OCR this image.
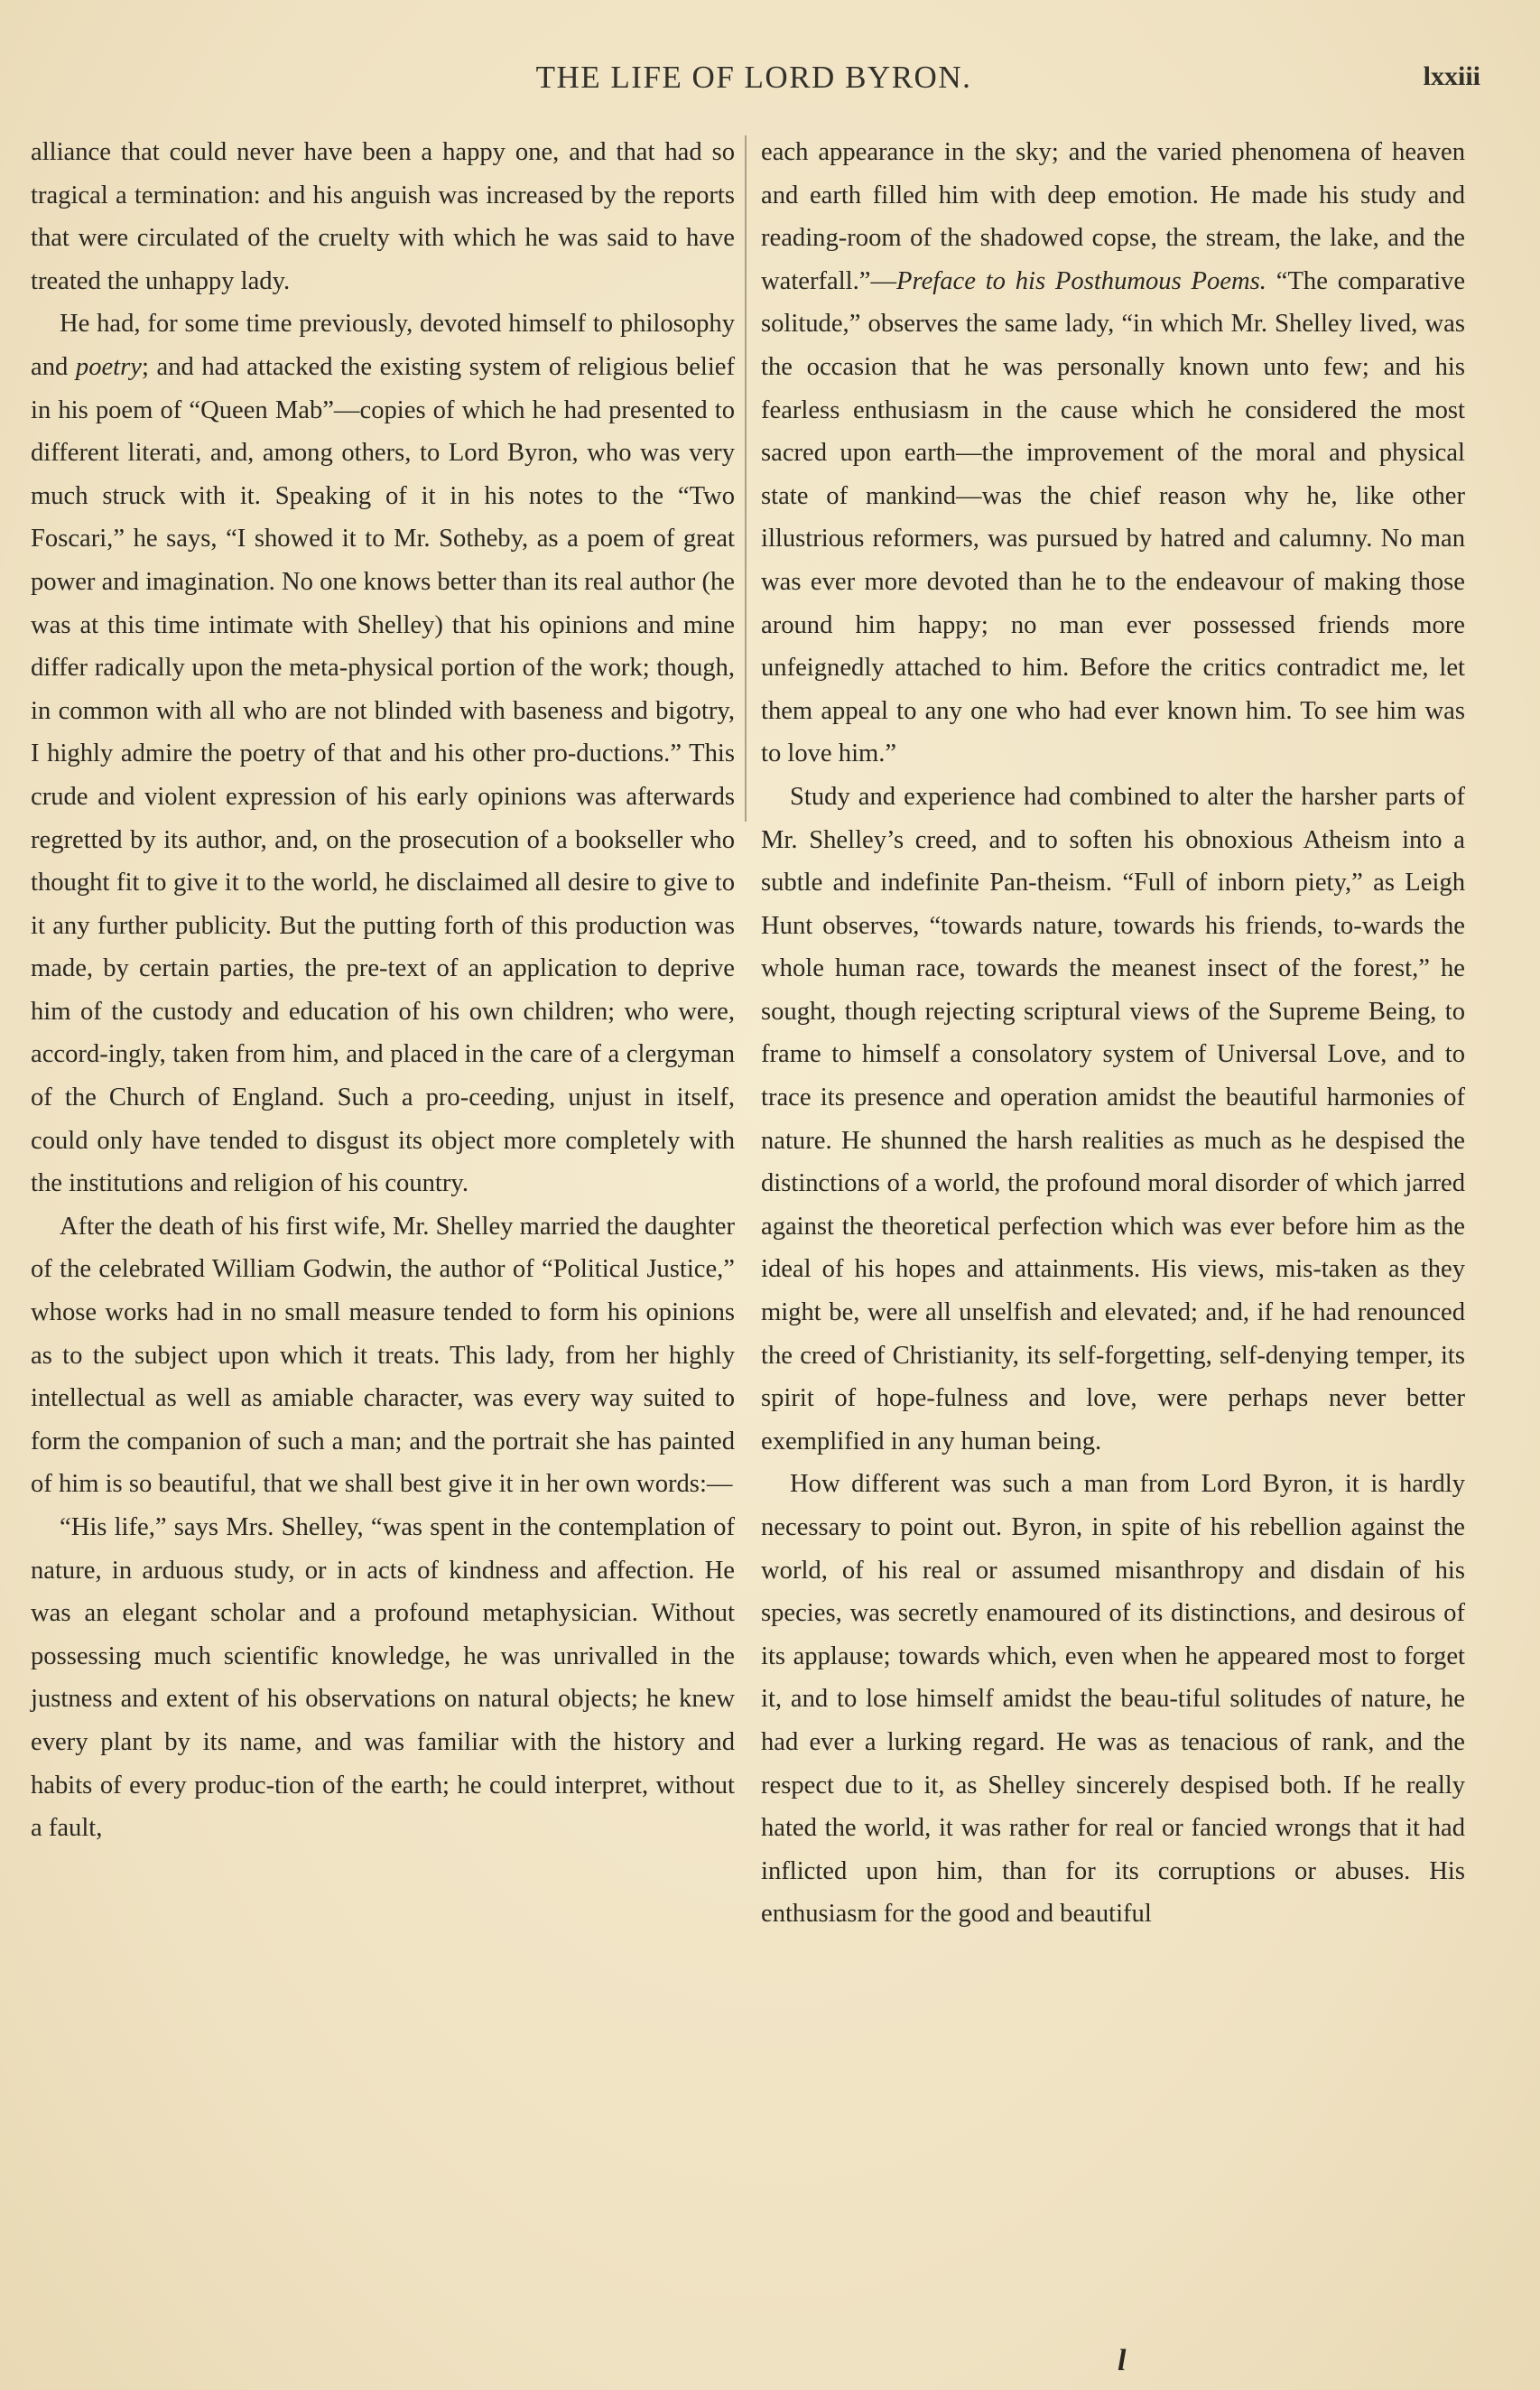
THE LIFE OF LORD BYRON.	lxxiii

alliance that could never have been a happy one, and that had so tragical a termination: and his anguish was increased by the reports that were circulated of the cruelty with which he was said to have treated the unhappy lady.

He had, for some time previously, devoted himself to philosophy and poetry; and had attacked the existing system of religious belief in his poem of “Queen Mab”—copies of which he had presented to different literati, and, among others, to Lord Byron, who was very much struck with it. Speaking of it in his notes to the “Two Foscari,” he says, “I showed it to Mr. Sotheby, as a poem of great power and imagination. No one knows better than its real author (he was at this time intimate with Shelley) that his opinions and mine differ radically upon the meta-physical portion of the work; though, in common with all who are not blinded with baseness and bigotry, I highly admire the poetry of that and his other pro-ductions.” This crude and violent expression of his early opinions was afterwards regretted by its author, and, on the prosecution of a bookseller who thought fit to give it to the world, he disclaimed all desire to give to it any further publicity. But the putting forth of this production was made, by certain parties, the pre-text of an application to deprive him of the custody and education of his own children; who were, accord-ingly, taken from him, and placed in the care of a clergyman of the Church of England. Such a pro-ceeding, unjust in itself, could only have tended to disgust its object more completely with the institutions and religion of his country.

After the death of his first wife, Mr. Shelley married the daughter of the celebrated William Godwin, the author of “Political Justice,” whose works had in no small measure tended to form his opinions as to the subject upon which it treats. This lady, from her highly intellectual as well as amiable character, was every way suited to form the companion of such a man; and the portrait she has painted of him is so beautiful, that we shall best give it in her own words:—

“His life,” says Mrs. Shelley, “was spent in the contemplation of nature, in arduous study, or in acts of kindness and affection. He was an elegant scholar and a profound metaphysician. Without possessing much scientific knowledge, he was unrivalled in the justness and extent of his observations on natural objects; he knew every plant by its name, and was familiar with the history and habits of every produc-tion of the earth; he could interpret, without a fault,

each appearance in the sky; and the varied phenomena of heaven and earth filled him with deep emotion. He made his study and reading-room of the shadowed copse, the stream, the lake, and the waterfall.”—Preface to his Posthumous Poems. “The comparative solitude,” observes the same lady, “in which Mr. Shelley lived, was the occasion that he was personally known unto few; and his fearless enthusiasm in the cause which he considered the most sacred upon earth—the improvement of the moral and physical state of mankind—was the chief reason why he, like other illustrious reformers, was pursued by hatred and calumny. No man was ever more devoted than he to the endeavour of making those around him happy; no man ever possessed friends more unfeignedly attached to him. Before the critics contradict me, let them appeal to any one who had ever known him. To see him was to love him.”

Study and experience had combined to alter the harsher parts of Mr. Shelley’s creed, and to soften his obnoxious Atheism into a subtle and indefinite Pan-theism. “Full of inborn piety,” as Leigh Hunt observes, “towards nature, towards his friends, to-wards the whole human race, towards the meanest insect of the forest,” he sought, though rejecting scriptural views of the Supreme Being, to frame to himself a consolatory system of Universal Love, and to trace its presence and operation amidst the beautiful harmonies of nature. He shunned the harsh realities as much as he despised the distinctions of a world, the profound moral disorder of which jarred against the theoretical perfection which was ever before him as the ideal of his hopes and attainments. His views, mis-taken as they might be, were all unselfish and elevated; and, if he had renounced the creed of Christianity, its self-forgetting, self-denying temper, its spirit of hope-fulness and love, were perhaps never better exemplified in any human being.

How different was such a man from Lord Byron, it is hardly necessary to point out. Byron, in spite of his rebellion against the world, of his real or assumed misanthropy and disdain of his species, was secretly enamoured of its distinctions, and desirous of its applause; towards which, even when he appeared most to forget it, and to lose himself amidst the beau-tiful solitudes of nature, he had ever a lurking regard. He was as tenacious of rank, and the respect due to it, as Shelley sincerely despised both. If he really hated the world, it was rather for real or fancied wrongs that it had inflicted upon him, than for its corruptions or abuses. His enthusiasm for the good and beautiful

l
